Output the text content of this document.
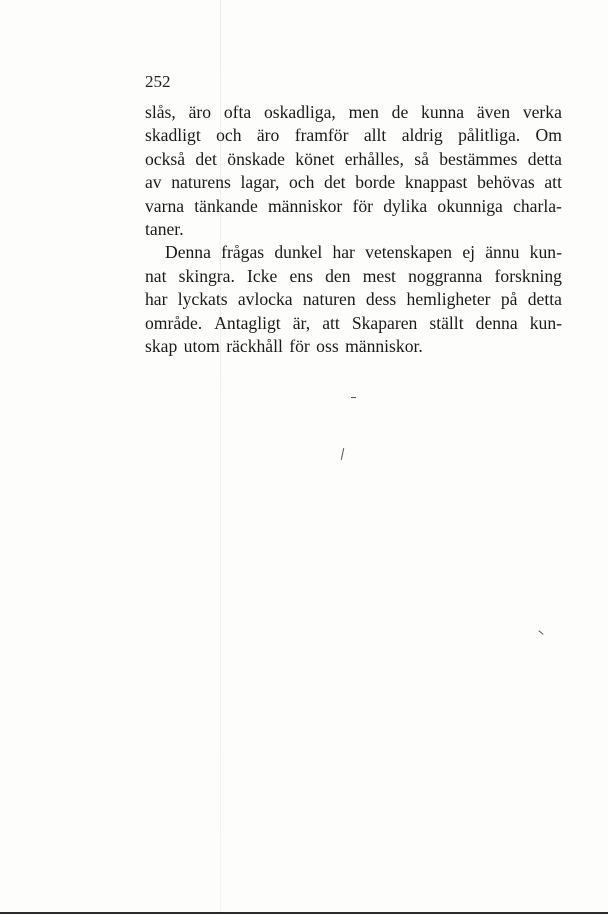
252
slås, äro ofta oskadliga, men de kunna även verka
skadligt och äro framför allt aldrig pålitliga. Om
också det önskade könet erhålles, så bestämmes detta
av naturens lagar, och det borde knappast behövas att
varna tänkande människor för dylika okunniga charla-
taner.
Denna frågas dunkel har vetenskapen ej ännu kun-
nat skingra. Icke ens den mest noggranna forskning
har lyckats avlocka naturen dess hemligheter på detta
område. Antagligt är, att Skaparen ställt denna kun-
skap utom räckhåll för oss människor.
